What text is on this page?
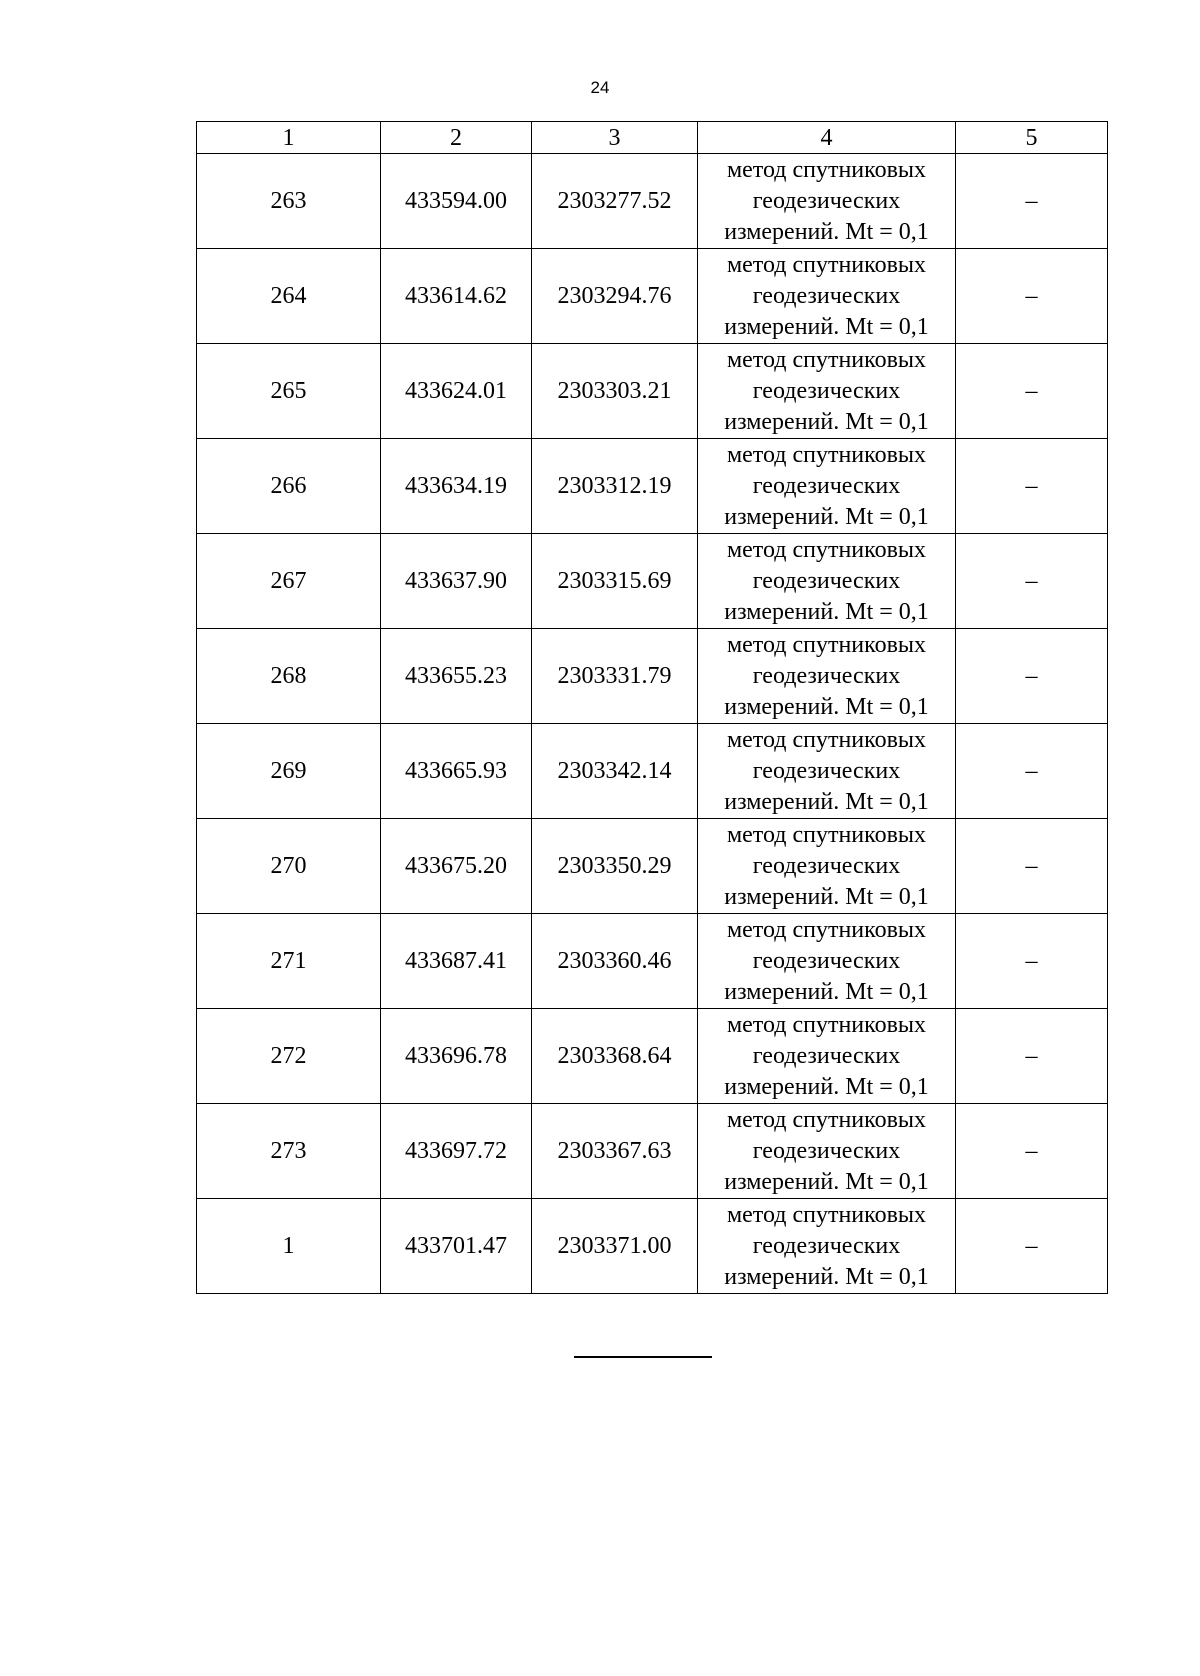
24
1	2	3	4	5
263	433594.00	2303277.52	метод спутниковых
геодезических
измерений. Mt = 0,1	–
264	433614.62	2303294.76	метод спутниковых
геодезических
измерений. Mt = 0,1	–
265	433624.01	2303303.21	метод спутниковых
геодезических
измерений. Mt = 0,1	–
266	433634.19	2303312.19	метод спутниковых
геодезических
измерений. Mt = 0,1	–
267	433637.90	2303315.69	метод спутниковых
геодезических
измерений. Mt = 0,1	–
268	433655.23	2303331.79	метод спутниковых
геодезических
измерений. Mt = 0,1	–
269	433665.93	2303342.14	метод спутниковых
геодезических
измерений. Mt = 0,1	–
270	433675.20	2303350.29	метод спутниковых
геодезических
измерений. Mt = 0,1	–
271	433687.41	2303360.46	метод спутниковых
геодезических
измерений. Mt = 0,1	–
272	433696.78	2303368.64	метод спутниковых
геодезических
измерений. Mt = 0,1	–
273	433697.72	2303367.63	метод спутниковых
геодезических
измерений. Mt = 0,1	–
1	433701.47	2303371.00	метод спутниковых
геодезических
измерений. Mt = 0,1	–
